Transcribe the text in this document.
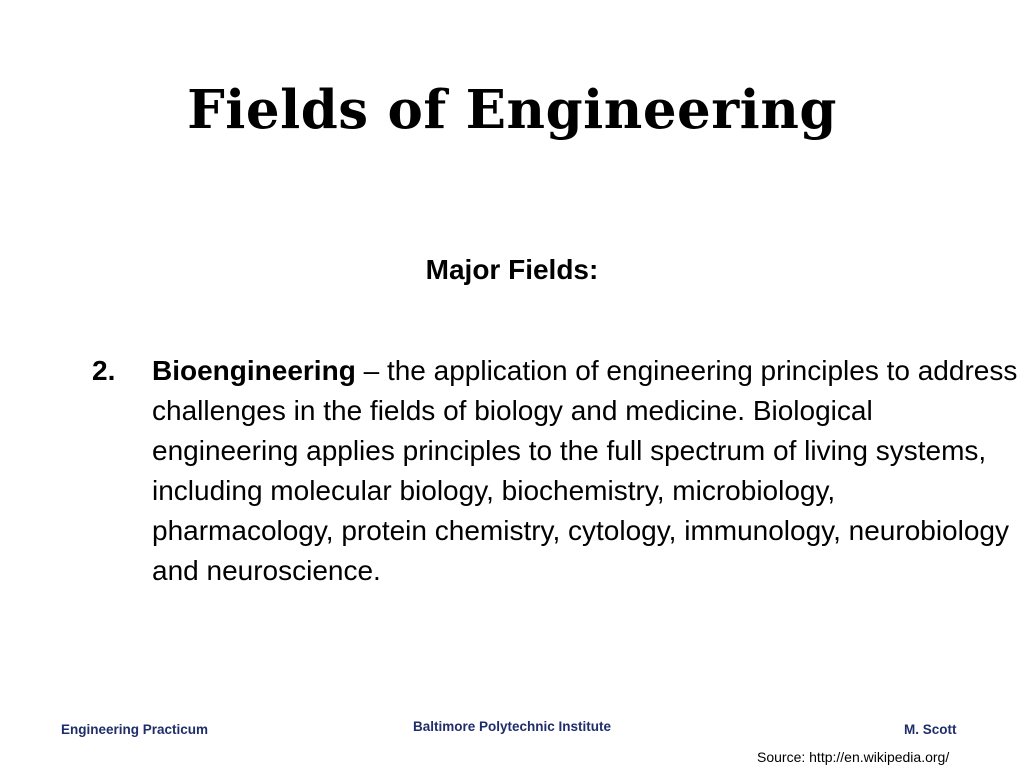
Fields of Engineering
Major Fields:
2. Bioengineering – the application of engineering principles to address challenges in the fields of biology and medicine. Biological engineering applies principles to the full spectrum of living systems, including molecular biology, biochemistry, microbiology, pharmacology, protein chemistry, cytology, immunology, neurobiology and neuroscience.
Engineering Practicum	Baltimore Polytechnic Institute	M. Scott
Source: http://en.wikipedia.org/
